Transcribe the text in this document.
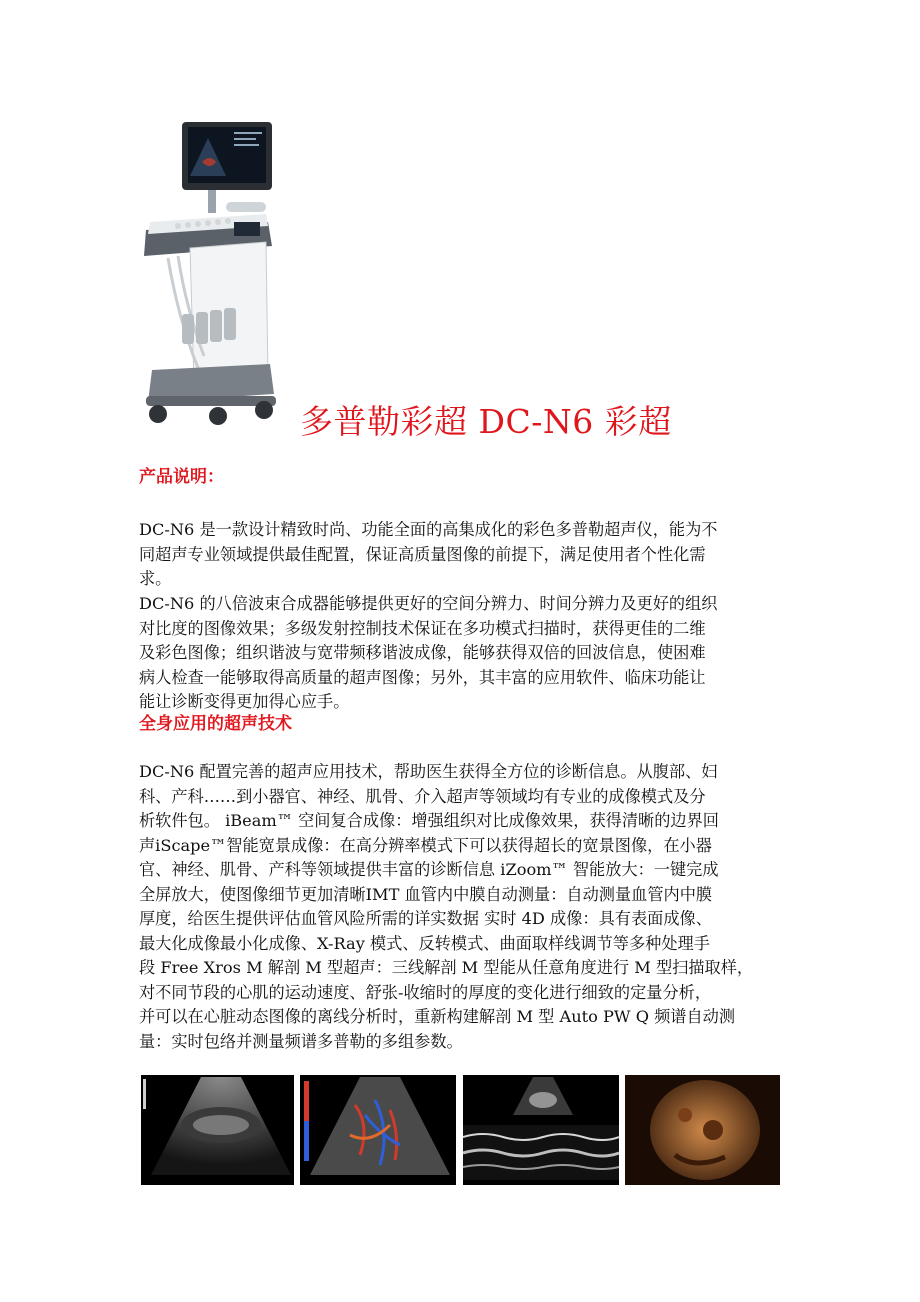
多普勒彩超 DC-N6 彩超
产品说明：
DC-N6 是一款设计精致时尚、功能全面的高集成化的彩色多普勒超声仪，能为不
同超声专业领域提供最佳配置，保证高质量图像的前提下，满足使用者个性化需
求。
DC-N6 的八倍波束合成器能够提供更好的空间分辨力、时间分辨力及更好的组织
对比度的图像效果；多级发射控制技术保证在多功模式扫描时，获得更佳的二维
及彩色图像；组织谐波与宽带频移谐波成像，能够获得双倍的回波信息，使困难
病人检查一能够取得高质量的超声图像；另外，其丰富的应用软件、临床功能让
能让诊断变得更加得心应手。
全身应用的超声技术
DC-N6 配置完善的超声应用技术，帮助医生获得全方位的诊断信息。从腹部、妇
科、产科……到小器官、神经、肌骨、介入超声等领域均有专业的成像模式及分
析软件包。 iBeam™ 空间复合成像：增强组织对比成像效果，获得清晰的边界回
声iScape™智能宽景成像：在高分辨率模式下可以获得超长的宽景图像，在小器
官、神经、肌骨、产科等领域提供丰富的诊断信息 iZoom™ 智能放大：一键完成
全屏放大，使图像细节更加清晰IMT 血管内中膜自动测量：自动测量血管内中膜
厚度，给医生提供评估血管风险所需的详实数据 实时 4D 成像：具有表面成像、
最大化成像最小化成像、X-Ray 模式、反转模式、曲面取样线调节等多种处理手
段 Free Xros M 解剖 M 型超声：三线解剖 M 型能从任意角度进行 M 型扫描取样，
对不同节段的心肌的运动速度、舒张-收缩时的厚度的变化进行细致的定量分析，
并可以在心脏动态图像的离线分析时，重新构建解剖 M 型 Auto PW Q 频谱自动测
量：实时包络并测量频谱多普勒的多组参数。
